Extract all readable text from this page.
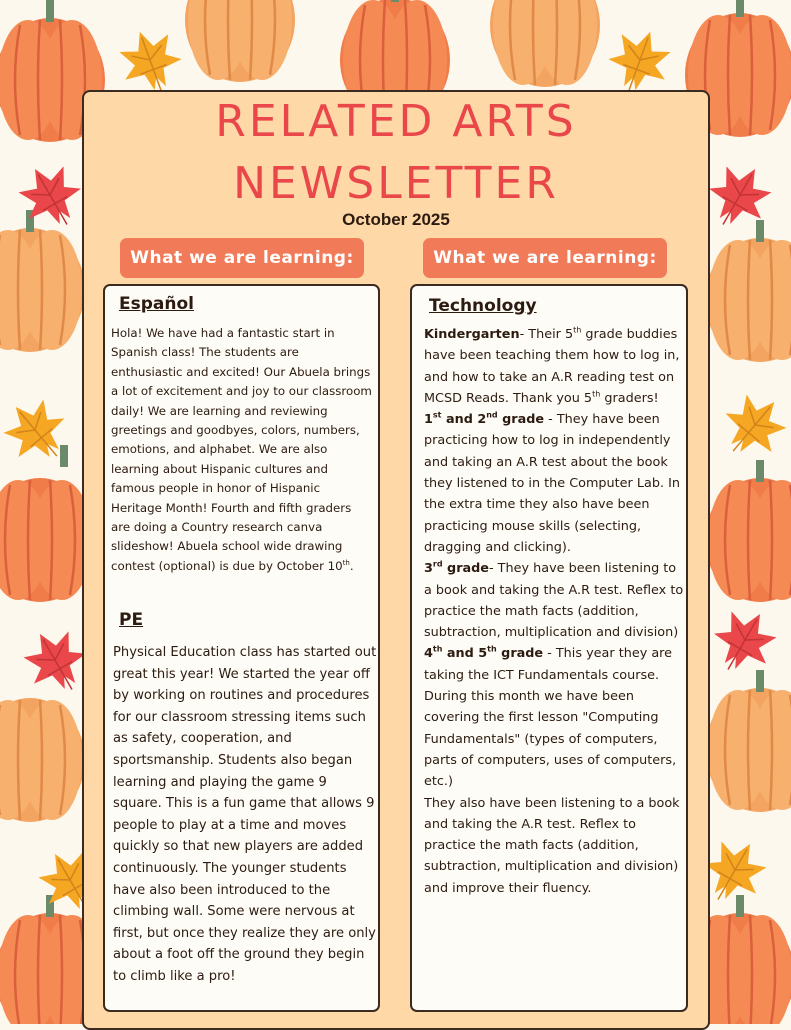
RELATED ARTS
NEWSLETTER
October 2025
What we are learning:	What we are learning:
Español

Hola! We have had a fantastic start in Spanish class! The students are enthusiastic and excited! Our Abuela brings a lot of excitement and joy to our classroom daily! We are learning and reviewing greetings and goodbyes, colors, numbers, emotions, and alphabet. We are also learning about Hispanic cultures and famous people in honor of Hispanic Heritage Month! Fourth and fifth graders are doing a Country research canva slideshow! Abuela school wide drawing contest (optional) is due by October 10th.

PE

Physical Education class has started out great this year! We started the year off by working on routines and procedures for our classroom stressing items such as safety, cooperation, and sportsmanship. Students also began learning and playing the game 9 square. This is a fun game that allows 9 people to play at a time and moves quickly so that new players are added continuously. The younger students have also been introduced to the climbing wall. Some were nervous at first, but once they realize they are only about a foot off the ground they begin to climb like a pro!

Technology
Kindergarten- Their 5th grade buddies have been teaching them how to log in, and how to take an A.R reading test on MCSD Reads. Thank you 5th graders!
1st and 2nd grade - They have been practicing how to log in independently and taking an A.R test about the book they listened to in the Computer Lab. In the extra time they also have been practicing mouse skills (selecting, dragging and clicking).
3rd grade- They have been listening to a book and taking the A.R test. Reflex to practice the math facts (addition, subtraction, multiplication and division)
4th and 5th grade - This year they are taking the ICT Fundamentals course. During this month we have been covering the first lesson "Computing Fundamentals" (types of computers, parts of computers, uses of computers, etc.)
They also have been listening to a book and taking the A.R test. Reflex to practice the math facts (addition, subtraction, multiplication and division) and improve their fluency.
